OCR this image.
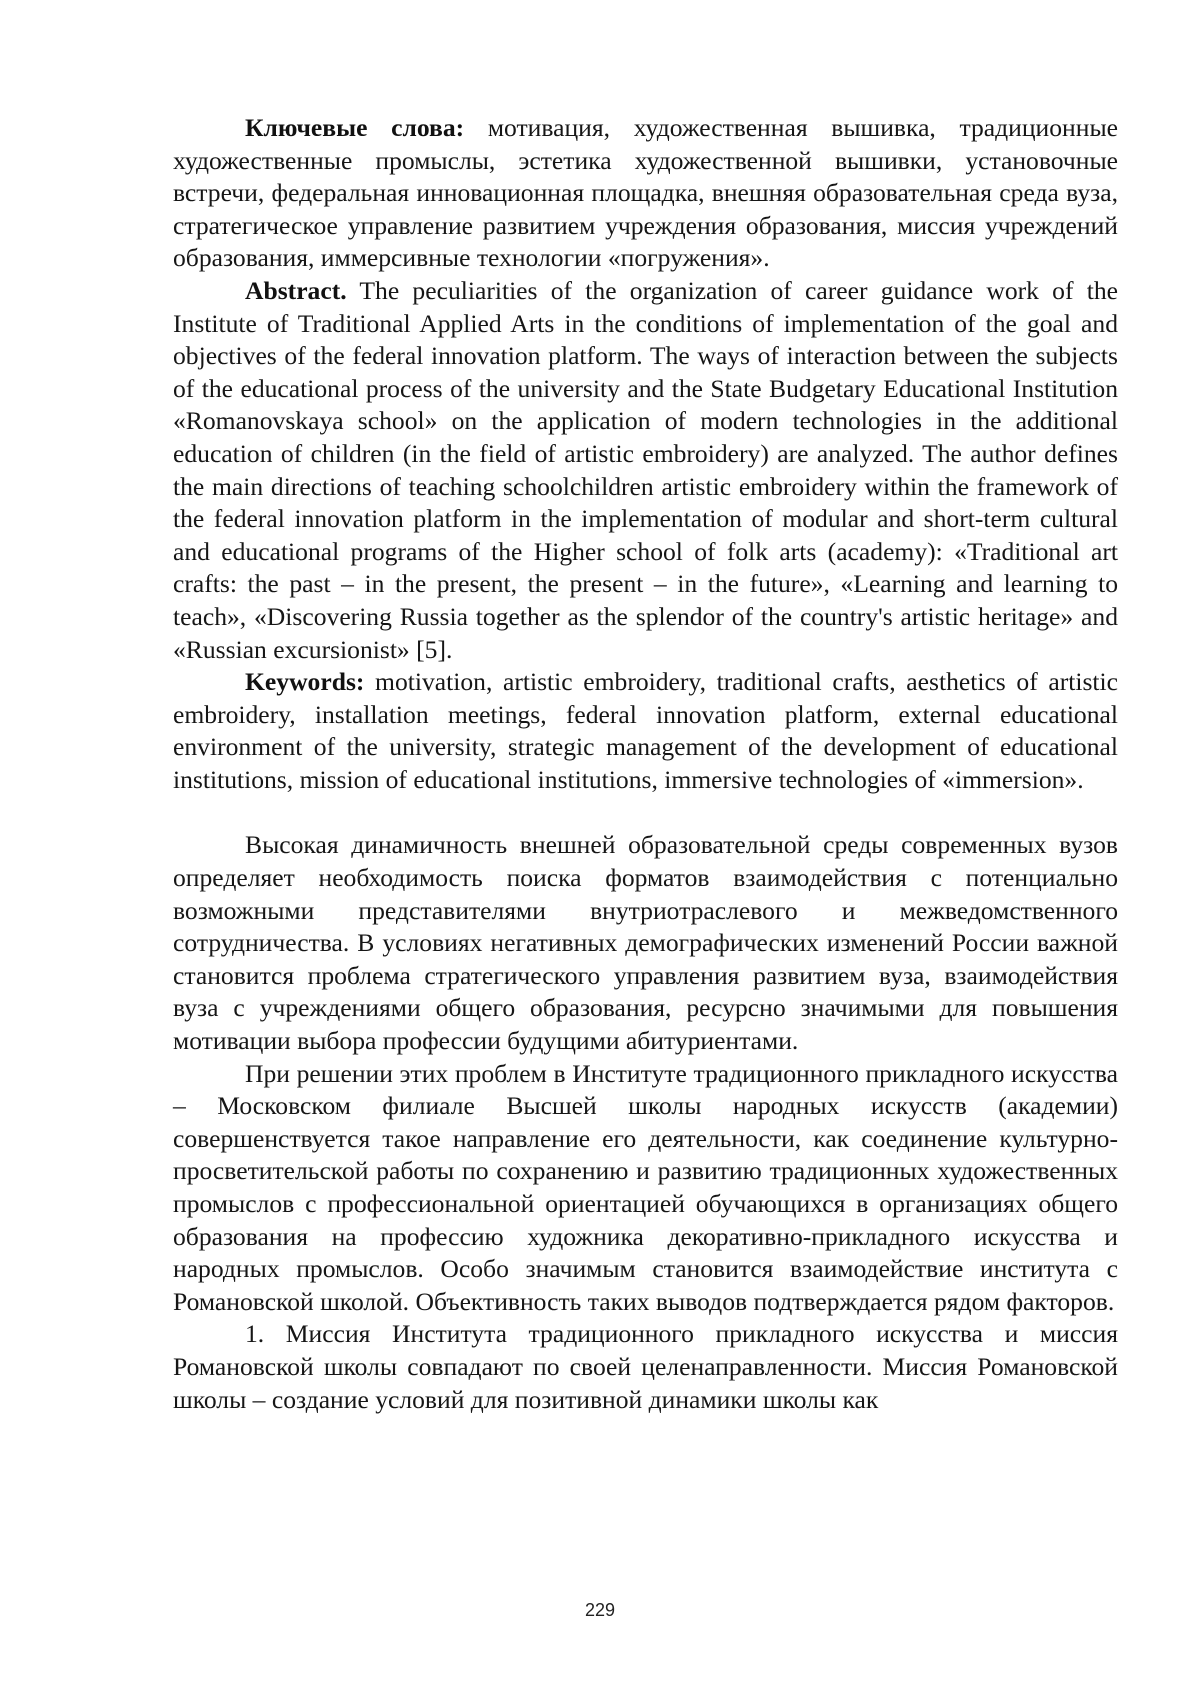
Ключевые слова: мотивация, художественная вышивка, традиционные художественные промыслы, эстетика художественной вышивки, установочные встречи, федеральная инновационная площадка, внешняя образовательная среда вуза, стратегическое управление развитием учреждения образования, миссия учреждений образования, иммерсивные технологии «погружения».

Abstract. The peculiarities of the organization of career guidance work of the Institute of Traditional Applied Arts in the conditions of implementation of the goal and objectives of the federal innovation platform. The ways of interaction between the subjects of the educational process of the university and the State Budgetary Educational Institution «Romanovskaya school» on the application of modern technologies in the additional education of children (in the field of artistic embroidery) are analyzed. The author defines the main directions of teaching schoolchildren artistic embroidery within the framework of the federal innovation platform in the implementation of modular and short-term cultural and educational programs of the Higher school of folk arts (academy): «Traditional art crafts: the past – in the present, the present – in the future», «Learning and learning to teach», «Discovering Russia together as the splendor of the country's artistic heritage» and «Russian excursionist» [5].

Keywords: motivation, artistic embroidery, traditional crafts, aesthetics of artistic embroidery, installation meetings, federal innovation platform, external educational environment of the university, strategic management of the development of educational institutions, mission of educational institutions, immersive technologies of «immersion».

Высокая динамичность внешней образовательной среды современных вузов определяет необходимость поиска форматов взаимодействия с потенциально возможными представителями внутриотраслевого и межведомственного сотрудничества. В условиях негативных демографических изменений России важной становится проблема стратегического управления развитием вуза, взаимодействия вуза с учреждениями общего образования, ресурсно значимыми для повышения мотивации выбора профессии будущими абитуриентами.

При решении этих проблем в Институте традиционного прикладного искусства – Московском филиале Высшей школы народных искусств (академии) совершенствуется такое направление его деятельности, как соединение культурно-просветительской работы по сохранению и развитию традиционных художественных промыслов с профессиональной ориентацией обучающихся в организациях общего образования на профессию художника декоративно-прикладного искусства и народных промыслов. Особо значимым становится взаимодействие института с Романовской школой. Объективность таких выводов подтверждается рядом факторов.

1. Миссия Института традиционного прикладного искусства и миссия Романовской школы совпадают по своей целенаправленности. Миссия Романовской школы – создание условий для позитивной динамики школы как

229
